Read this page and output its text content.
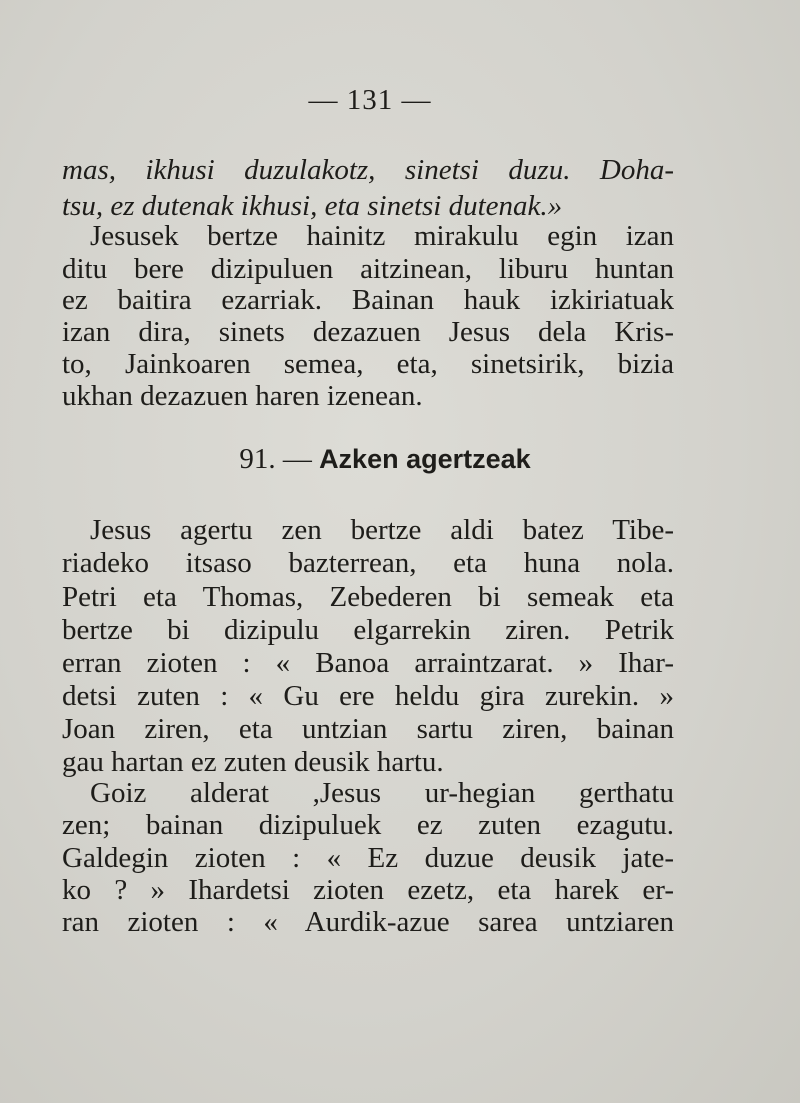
— 131 —
mas, ikhusi duzulakotz, sinetsi duzu. Doha-
tsu, ez dutenak ikhusi, eta sinetsi dutenak.»
Jesusek bertze hainitz mirakulu egin izan
ditu bere dizipuluen aitzinean, liburu huntan
ez baitira ezarriak. Bainan hauk izkiriatuak
izan dira, sinets dezazuen Jesus dela Kris-
to, Jainkoaren semea, eta, sinetsirik, bizia
ukhan dezazuen haren izenean.
91. — Azken agertzeak
Jesus agertu zen bertze aldi batez Tibe-
riadeko itsaso bazterrean, eta huna nola.
Petri eta Thomas, Zebederen bi semeak eta
bertze bi dizipulu elgarrekin ziren. Petrik
erran zioten : « Banoa arraintzarat. » Ihar-
detsi zuten : « Gu ere heldu gira zurekin. »
Joan ziren, eta untzian sartu ziren, bainan
gau hartan ez zuten deusik hartu.
Goiz alderat ,Jesus ur-hegian gerthatu
zen; bainan dizipuluek ez zuten ezagutu.
Galdegin zioten : « Ez duzue deusik jate-
ko ? » Ihardetsi zioten ezetz, eta harek er-
ran zioten : « Aurdik-azue sarea untziaren
